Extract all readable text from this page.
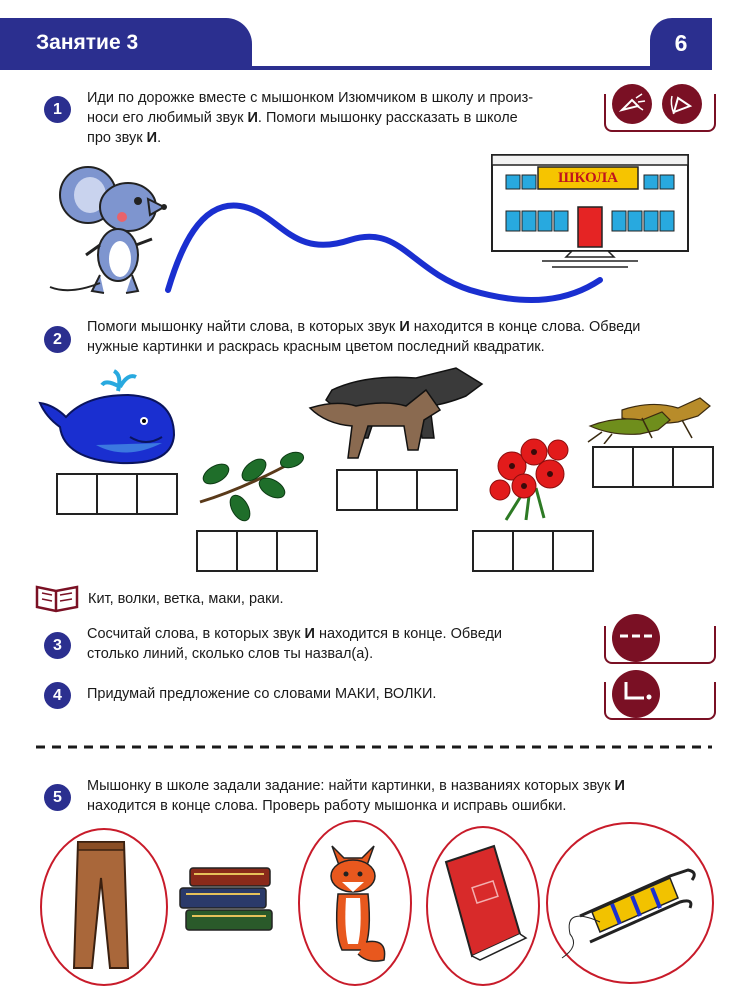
Занятие 3	6
1
Иди по дорожке вместе с мышонком Изюмчиком в школу и произ-
носи его любимый звук И. Помоги мышонку рассказать в школе
про звук И.
ШКОЛА
2
Помоги мышонку найти слова, в которых звук И находится в конце слова. Обведи
нужные картинки и раскрась красным цветом последний квадратик.
Кит, волки, ветка, маки, раки.
3
Сосчитай слова, в которых звук И находится в конце. Обведи
столько линий, сколько слов ты назвал(а).
4	Придумай предложение со словами МАКИ, ВОЛКИ.
5
Мышонку в школе задали задание: найти картинки, в названиях которых звук И
находится в конце слова. Проверь работу мышонка и исправь ошибки.
